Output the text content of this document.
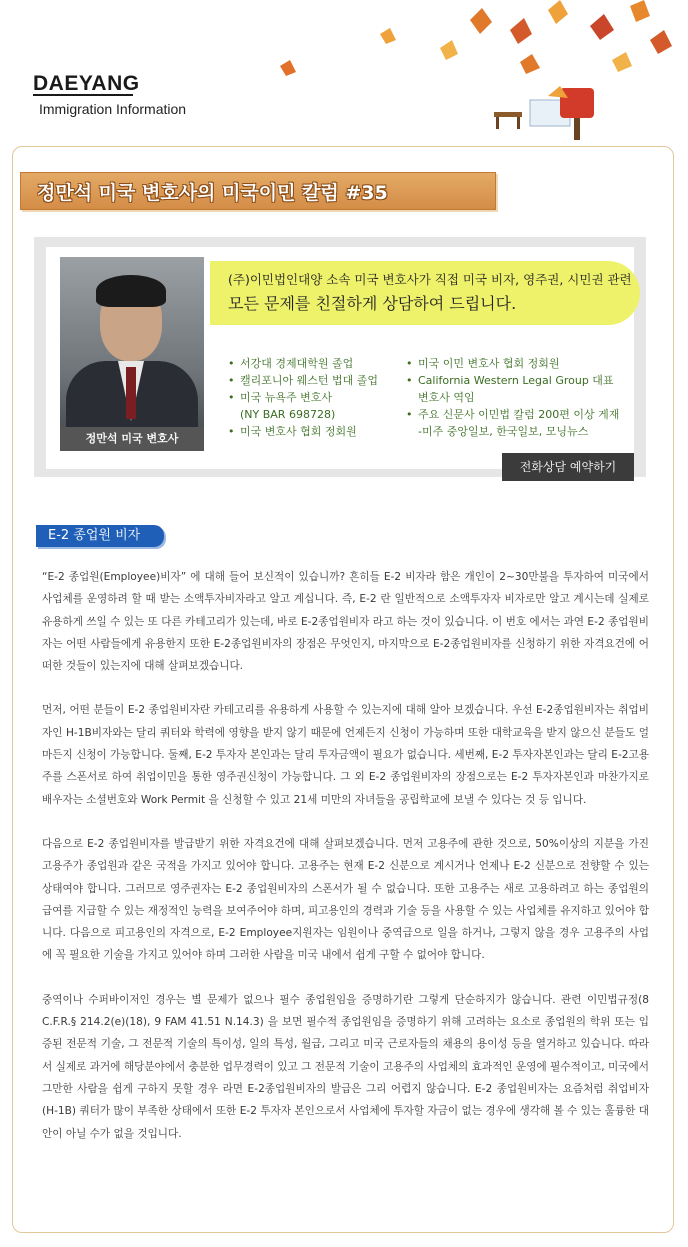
DAEYANGImmigration Information
정만석 미국 변호사의 미국이민 칼럼 #35
정만석 미국 변호사
(주)이민법인대양 소속 미국 변호사가 직접 미국 비자, 영주권, 시민권 관련
모든 문제를 친절하게 상담하여 드립니다.
• 서강대 경제대학원 졸업
• 캘리포니아 웨스턴 법대 졸업
• 미국 뉴욕주 변호사
(NY BAR 698728)
• 미국 변호사 협회 정회원
• 미국 이민 변호사 협회 정회원
• California Western Legal Group 대표
변호사 역임
• 주요 신문사 이민법 칼럼 200편 이상 게재
-미주 중앙일보, 한국일보, 모닝뉴스
전화상담 예약하기
E-2 종업원 비자

“E-2 종업원(Employee)비자” 에 대해 들어 보신적이 있습니까? 흔히들 E-2 비자라 함은 개인이 2~30만불을 투자하여 미국에서 사업체를 운영하려 할 때 받는 소액투자비자라고 알고 계십니다. 즉, E-2 란 일반적으로 소액투자자 비자로만 알고 계시는데 실제로 유용하게 쓰일 수 있는 또 다른 카테고리가 있는데, 바로 E-2종업원비자 라고 하는 것이 있습니다. 이 번호 에서는 과연 E-2 종업원비자는 어떤 사람들에게 유용한지 또한 E-2종업원비자의 장점은 무엇인지, 마지막으로 E-2종업원비자를 신청하기 위한 자격요건에 어떠한 것들이 있는지에 대해 살펴보겠습니다.

먼저, 어떤 분들이 E-2 종업원비자란 카테고리를 유용하게 사용할 수 있는지에 대해 알아 보겠습니다. 우선 E-2종업원비자는 취업비자인 H-1B비자와는 달리 쿼터와 학력에 영향을 받지 않기 때문에 언제든지 신청이 가능하며 또한 대학교육을 받지 않으신 분들도 얼마든지 신청이 가능합니다. 둘째, E-2 투자자 본인과는 달리 투자금액이 필요가 없습니다. 세번째, E-2 투자자본인과는 달리 E-2고용주를 스폰서로 하여 취업이민을 통한 영주권신청이 가능합니다. 그 외 E-2 종업원비자의 장점으로는 E-2 투자자본인과 마찬가지로 배우자는 소셜번호와 Work Permit 을 신청할 수 있고 21세 미만의 자녀들을 공립학교에 보낼 수 있다는 것 등 입니다.

다음으로 E-2 종업원비자를 발급받기 위한 자격요건에 대해 살펴보겠습니다. 먼저 고용주에 관한 것으로, 50%이상의 지분을 가진 고용주가 종업원과 같은 국적을 가지고 있어야 합니다. 고용주는 현재 E-2 신분으로 계시거나 언제나 E-2 신분으로 전향할 수 있는 상태여야 합니다. 그러므로 영주권자는 E-2 종업원비자의 스폰서가 될 수 없습니다. 또한 고용주는 새로 고용하려고 하는 종업원의 급여를 지급할 수 있는 재정적인 능력을 보여주어야 하며, 피고용인의 경력과 기술 등을 사용할 수 있는 사업체를 유지하고 있어야 합니다. 다음으로 피고용인의 자격으로, E-2 Employee지원자는 임원이나 중역급으로 일을 하거나, 그렇지 않을 경우 고용주의 사업에 꼭 필요한 기술을 가지고 있어야 하며 그러한 사람을 미국 내에서 쉽게 구할 수 없어야 합니다.

중역이나 수퍼바이저인 경우는 별 문제가 없으나 필수 종업원임을 증명하기란 그렇게 단순하지가 않습니다. 관련 이민법규정(8 C.F.R.§ 214.2(e)(18), 9 FAM 41.51 N.14.3) 을 보면 필수적 종업원임을 증명하기 위해 고려하는 요소로 종업원의 학위 또는 입증된 전문적 기술, 그 전문적 기술의 특이성, 일의 특성, 월급, 그리고 미국 근로자들의 채용의 용이성 등을 열거하고 있습니다. 따라서 실제로 과거에 해당분야에서 충분한 업무경력이 있고 그 전문적 기술이 고용주의 사업체의 효과적인 운영에 필수적이고, 미국에서 그만한 사람을 쉽게 구하지 못할 경우 라면 E-2종업원비자의 발급은 그리 어렵지 않습니다. E-2 종업원비자는 요즘처럼 취업비자 (H-1B) 쿼터가 많이 부족한 상태에서 또한 E-2 투자자 본인으로서 사업체에 투자할 자금이 없는 경우에 생각해 볼 수 있는 훌륭한 대안이 아닐 수가 없을 것입니다.
